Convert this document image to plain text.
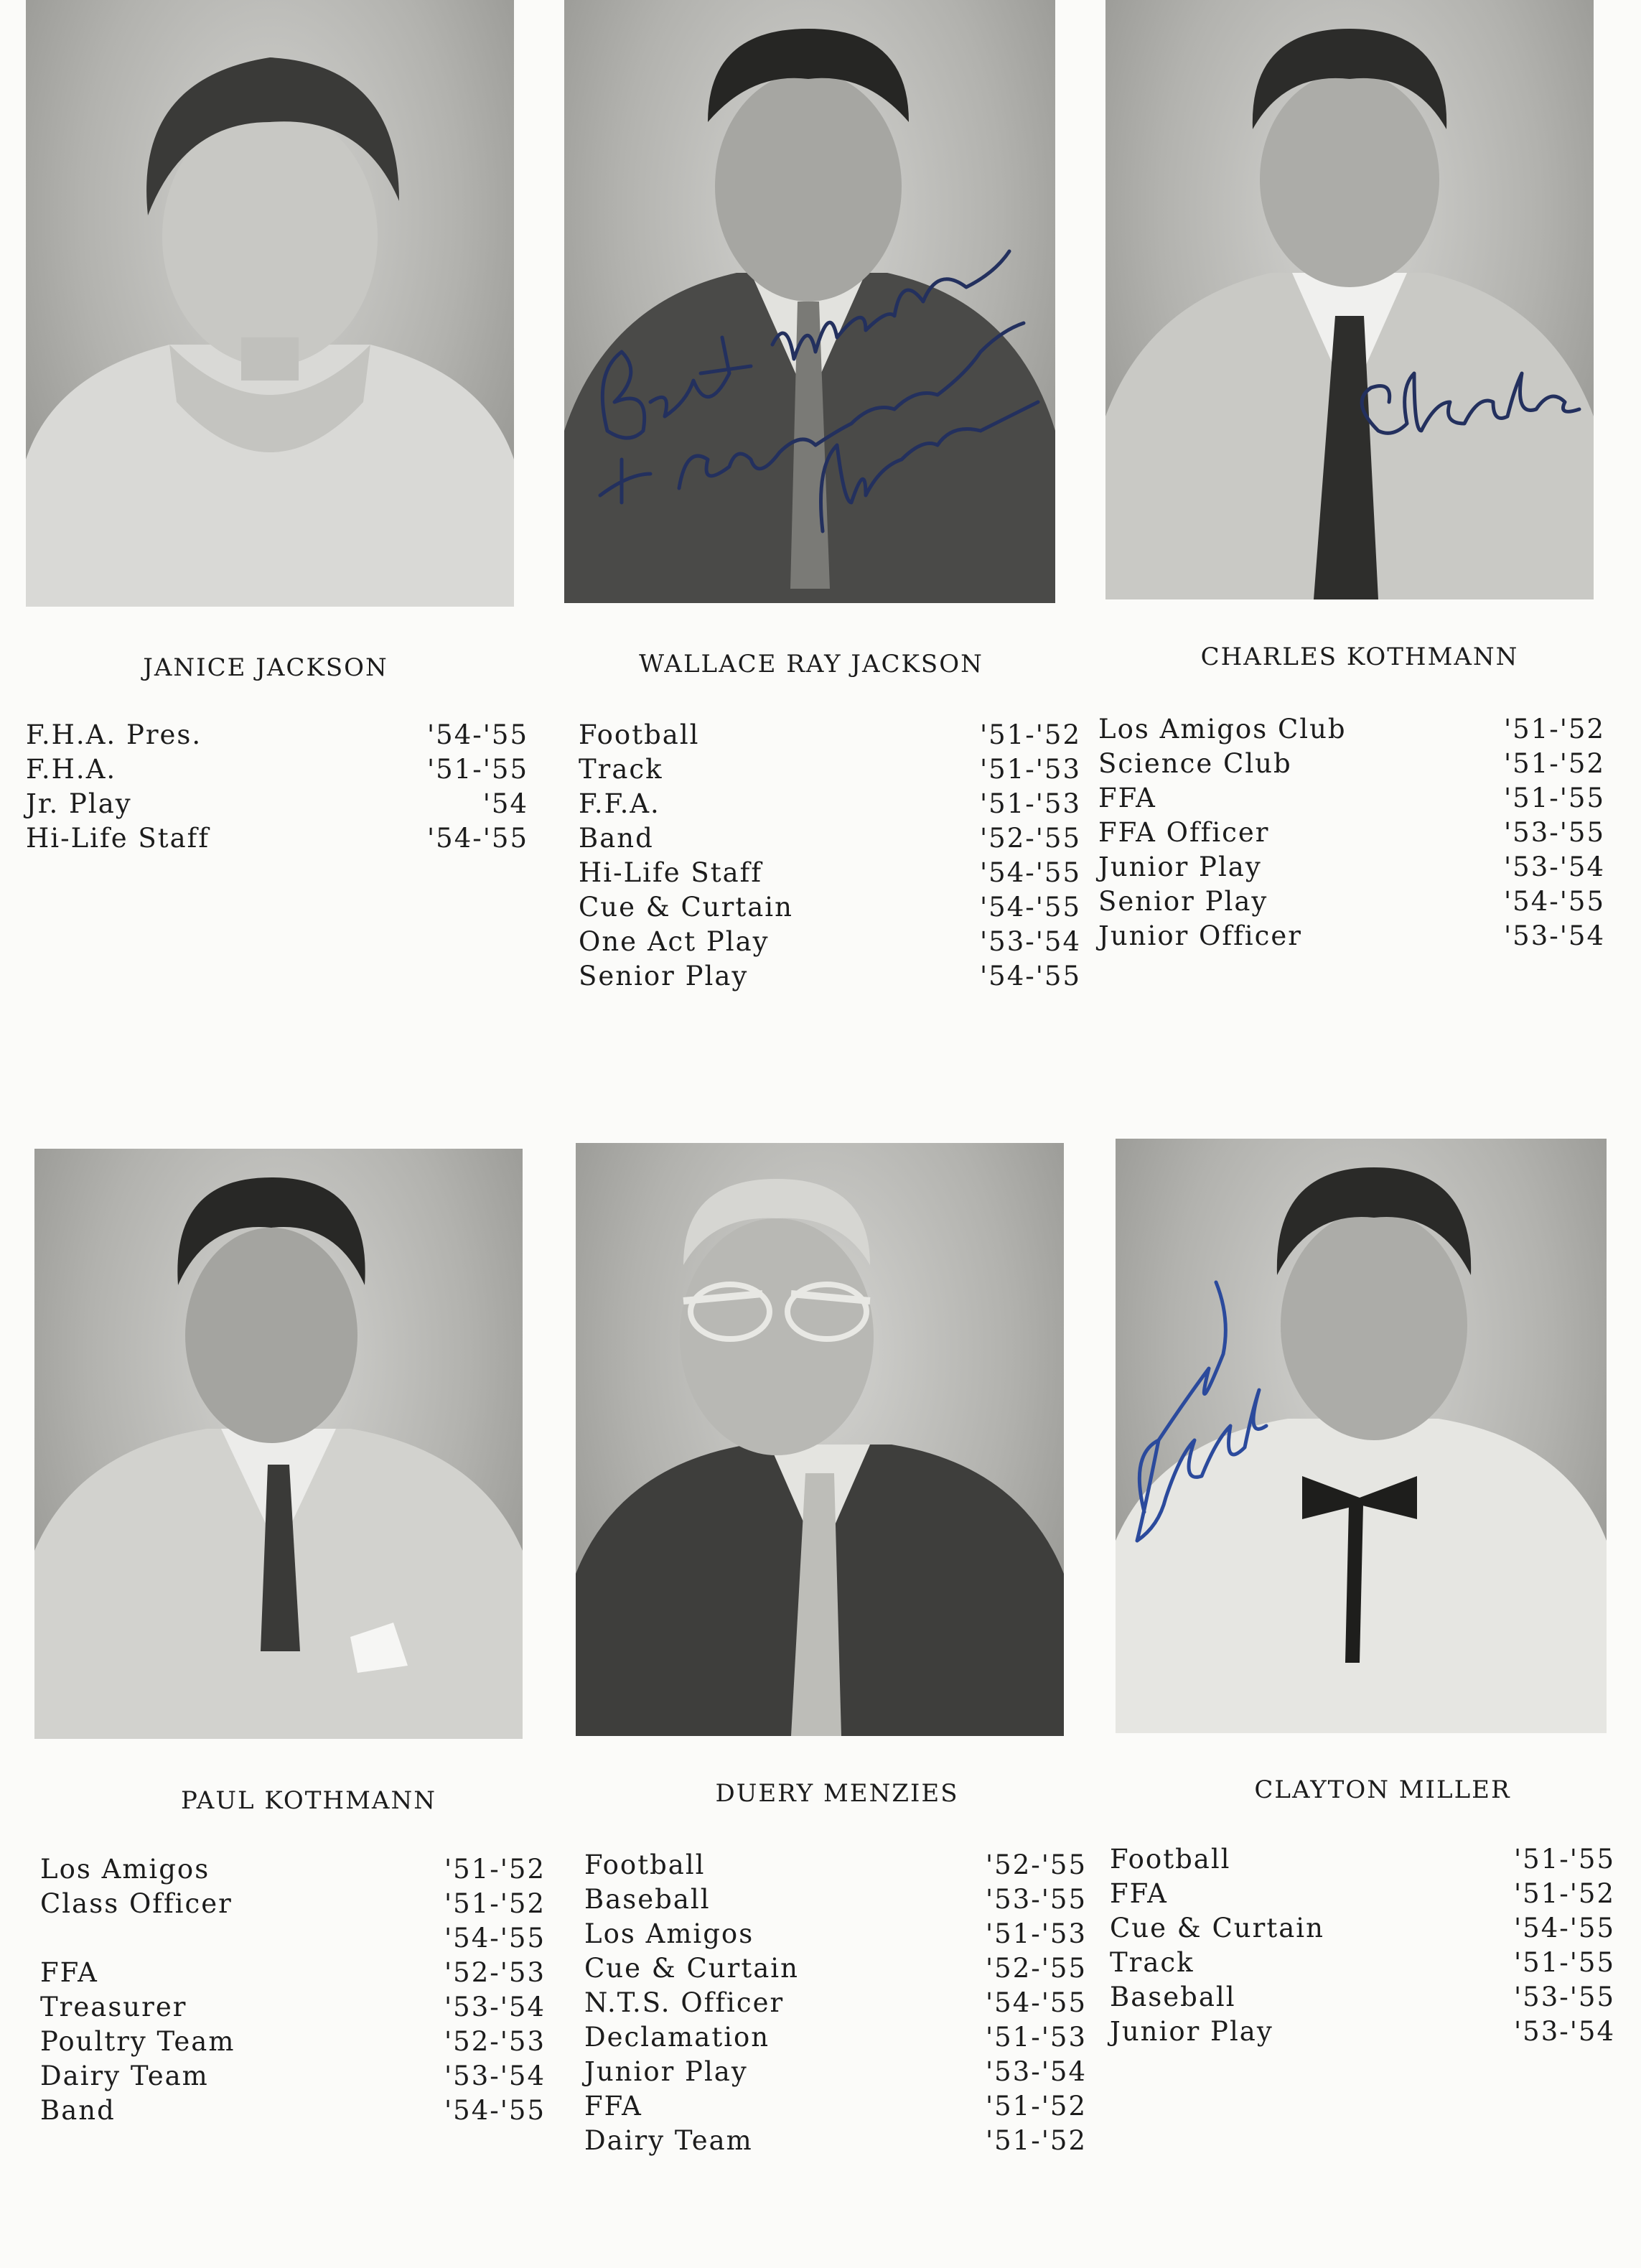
JANICE JACKSON
F.H.A. Pres.	'54-'55
F.H.A.	'51-'55
Jr. Play	'54
Hi-Life Staff	'54-'55
WALLACE RAY JACKSON
Football	'51-'52
Track	'51-'53
F.F.A.	'51-'53
Band	'52-'55
Hi-Life Staff	'54-'55
Cue & Curtain	'54-'55
One Act Play	'53-'54
Senior Play	'54-'55
CHARLES KOTHMANN
Los Amigos Club	'51-'52
Science Club	'51-'52
FFA	'51-'55
FFA Officer	'53-'55
Junior Play	'53-'54
Senior Play	'54-'55
Junior Officer	'53-'54
PAUL KOTHMANN
Los Amigos	'51-'52
Class Officer	'51-'52
'54-'55
FFA	'52-'53
Treasurer	'53-'54
Poultry Team	'52-'53
Dairy Team	'53-'54
Band	'54-'55
DUERY MENZIES
Football	'52-'55
Baseball	'53-'55
Los Amigos	'51-'53
Cue & Curtain	'52-'55
N.T.S. Officer	'54-'55
Declamation	'51-'53
Junior Play	'53-'54
FFA	'51-'52
Dairy Team	'51-'52
CLAYTON MILLER
Football	'51-'55
FFA	'51-'52
Cue & Curtain	'54-'55
Track	'51-'55
Baseball	'53-'55
Junior Play	'53-'54
